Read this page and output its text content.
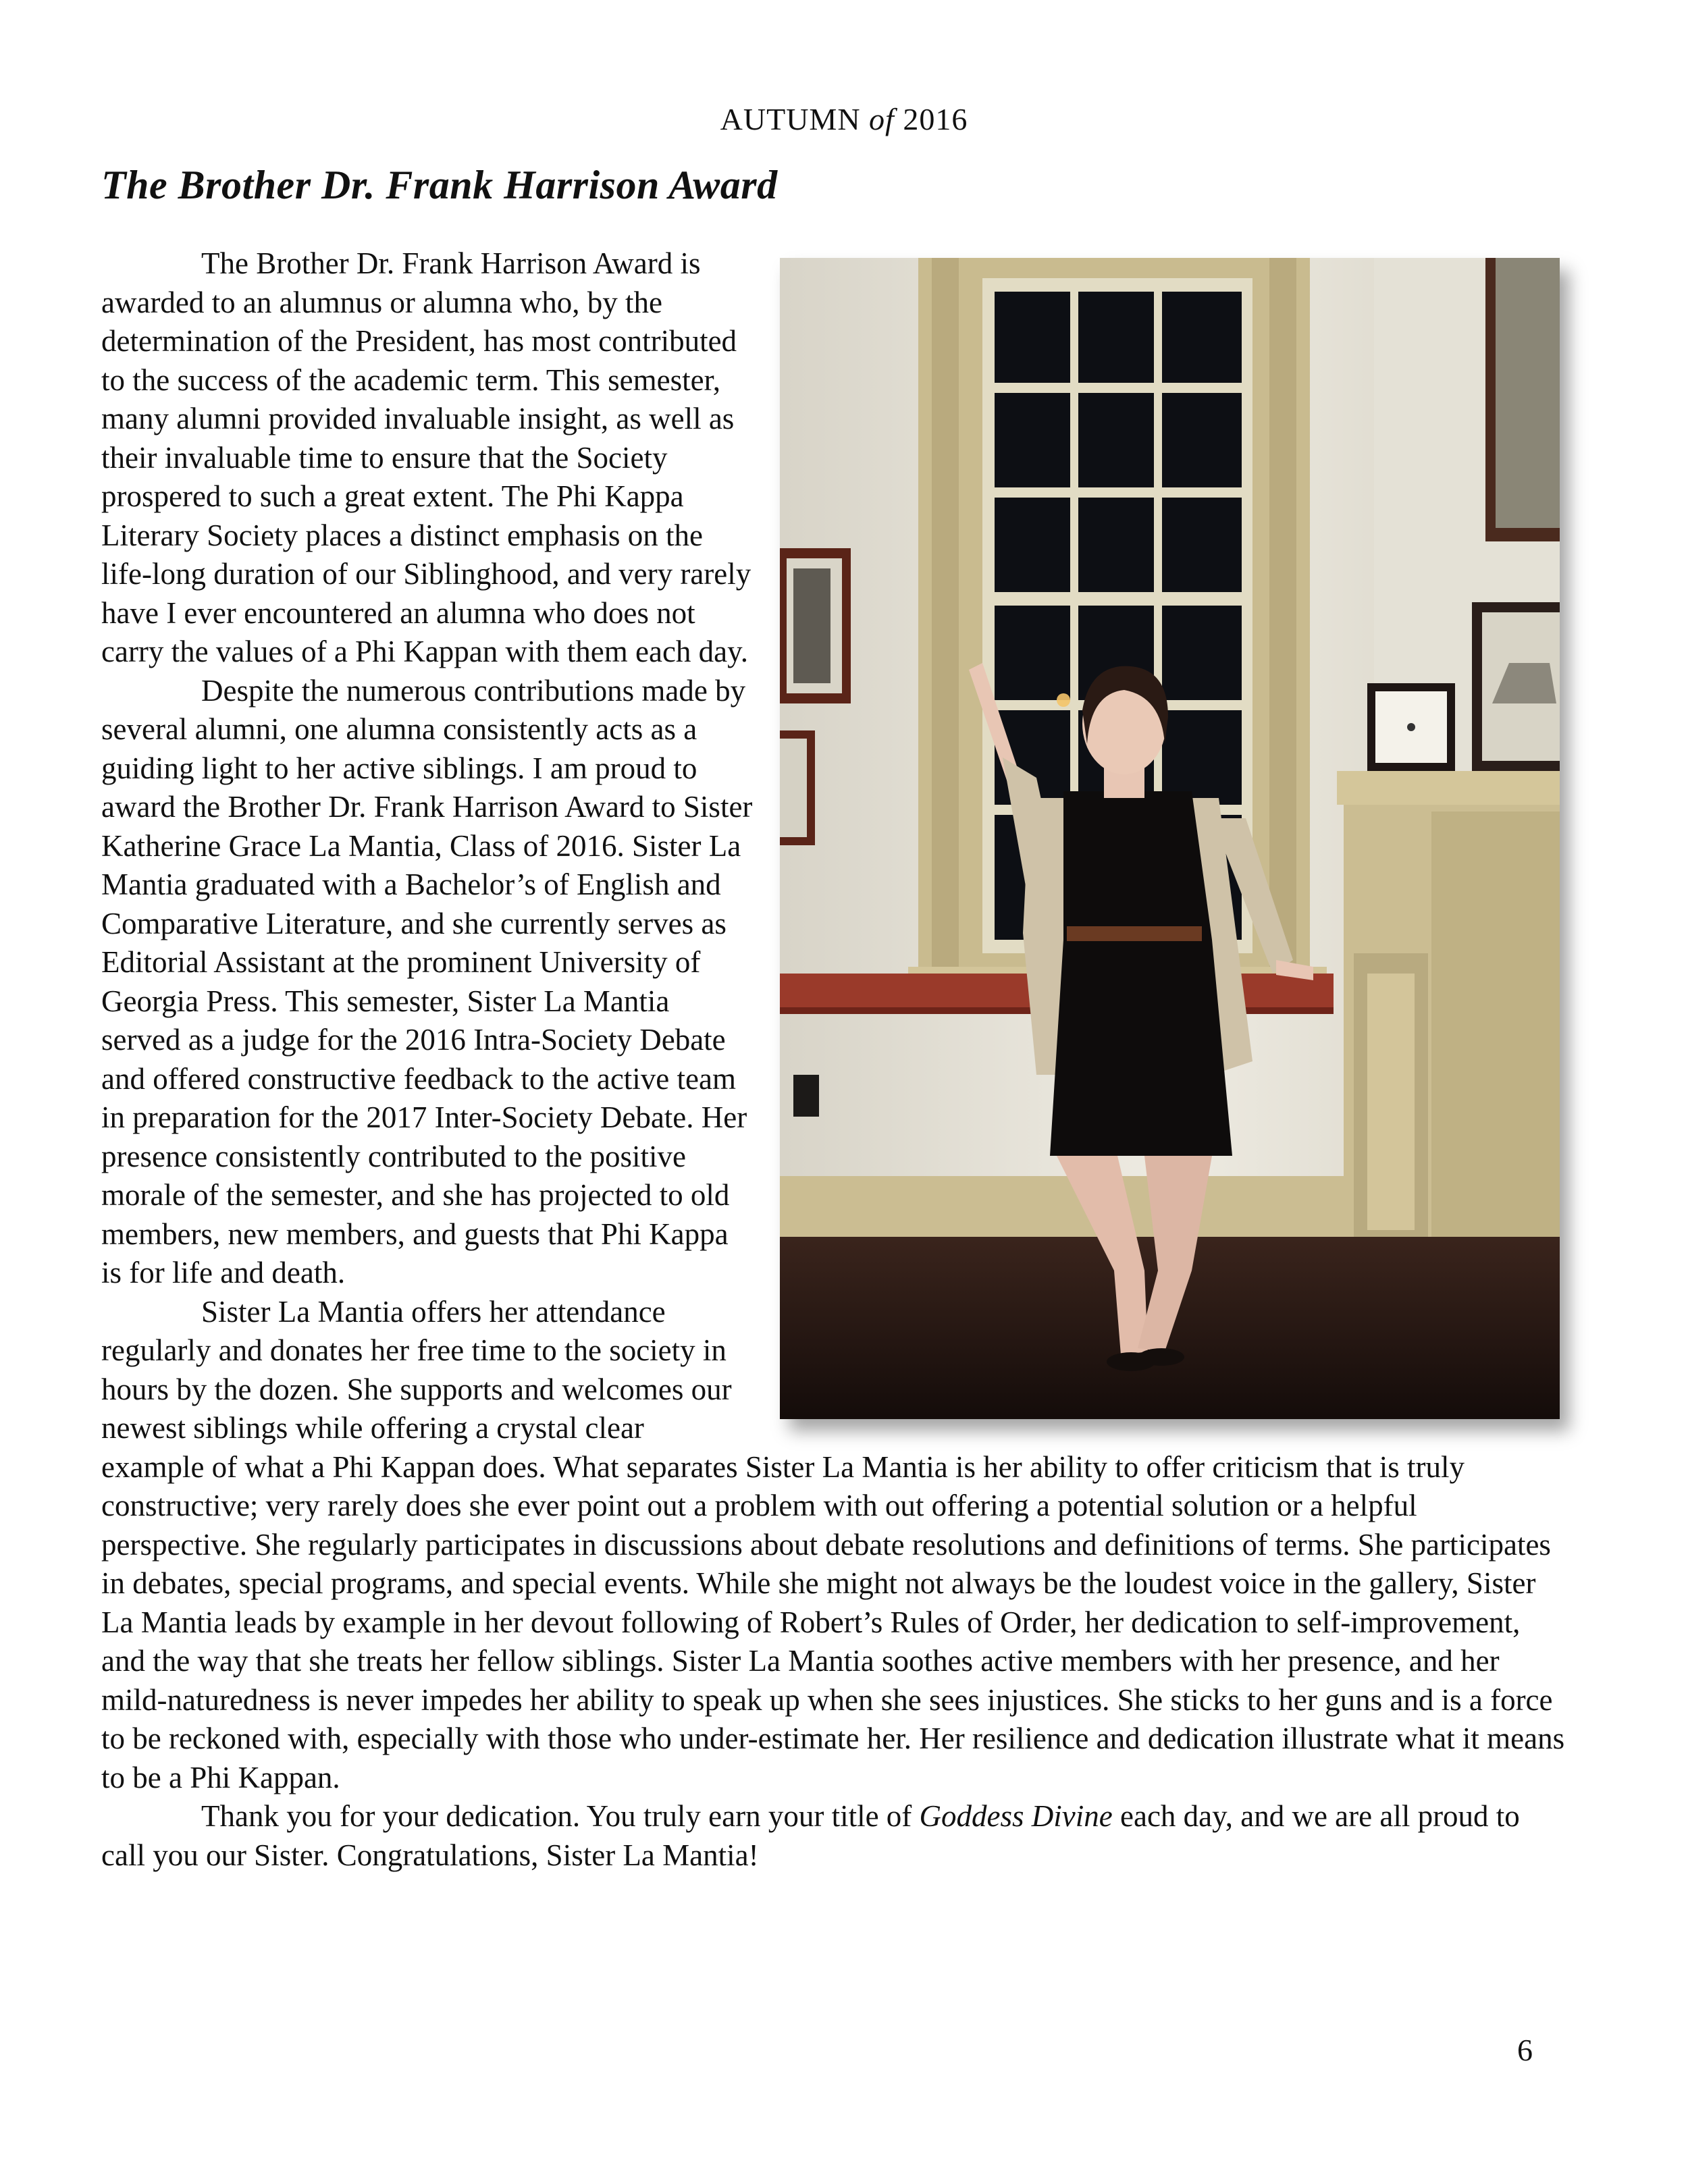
AUTUMN of 2016
The Brother Dr. Frank Harrison Award

The Brother Dr. Frank Harrison Award is awarded to an alumnus or alumna who, by the determination of the President, has most contributed to the success of the academic term. This semester, many alumni provided invaluable insight, as well as their invaluable time to ensure that the Society prospered to such a great extent. The Phi Kappa Literary Society places a distinct emphasis on the life-long duration of our Siblinghood, and very rarely have I ever encountered an alumna who does not carry the values of a Phi Kappan with them each day.

Despite the numerous contributions made by several alumni, one alumna consistently acts as a guiding light to her active siblings. I am proud to award the Brother Dr. Frank Harrison Award to Sister Katherine Grace La Mantia, Class of 2016. Sister La Mantia graduated with a Bachelor’s of English and Comparative Literature, and she currently serves as Editorial Assistant at the prominent University of Georgia Press. This semester, Sister La Mantia served as a judge for the 2016 Intra-Society Debate and offered constructive feedback to the active team in preparation for the 2017 Inter-Society Debate. Her presence consistently contributed to the positive morale of the semester, and she has projected to old members, new members, and guests that Phi Kappa is for life and death.

Sister La Mantia offers her attendance regularly and donates her free time to the society in hours by the dozen. She supports and welcomes our newest siblings while offering a crystal clear example of what a Phi Kappan does. What separates Sister La Mantia is her ability to offer criticism that is truly constructive; very rarely does she ever point out a problem with out offering a potential solution or a helpful perspective. She regularly participates in discussions about debate resolutions and definitions of terms. She participates in debates, special programs, and special events. While she might not always be the loudest voice in the gallery, Sister La Mantia leads by example in her devout following of Robert’s Rules of Order, her dedication to self-improvement, and the way that she treats her fellow siblings. Sister La Mantia soothes active members with her presence, and her mild-naturedness is never impedes her ability to speak up when she sees injustices. She sticks to her guns and is a force to be reckoned with, especially with those who under-estimate her. Her resilience and dedication illustrate what it means to be a Phi Kappan.

Thank you for your dedication. You truly earn your title of Goddess Divine each day, and we are all proud to call you our Sister. Congratulations, Sister La Mantia!

6
